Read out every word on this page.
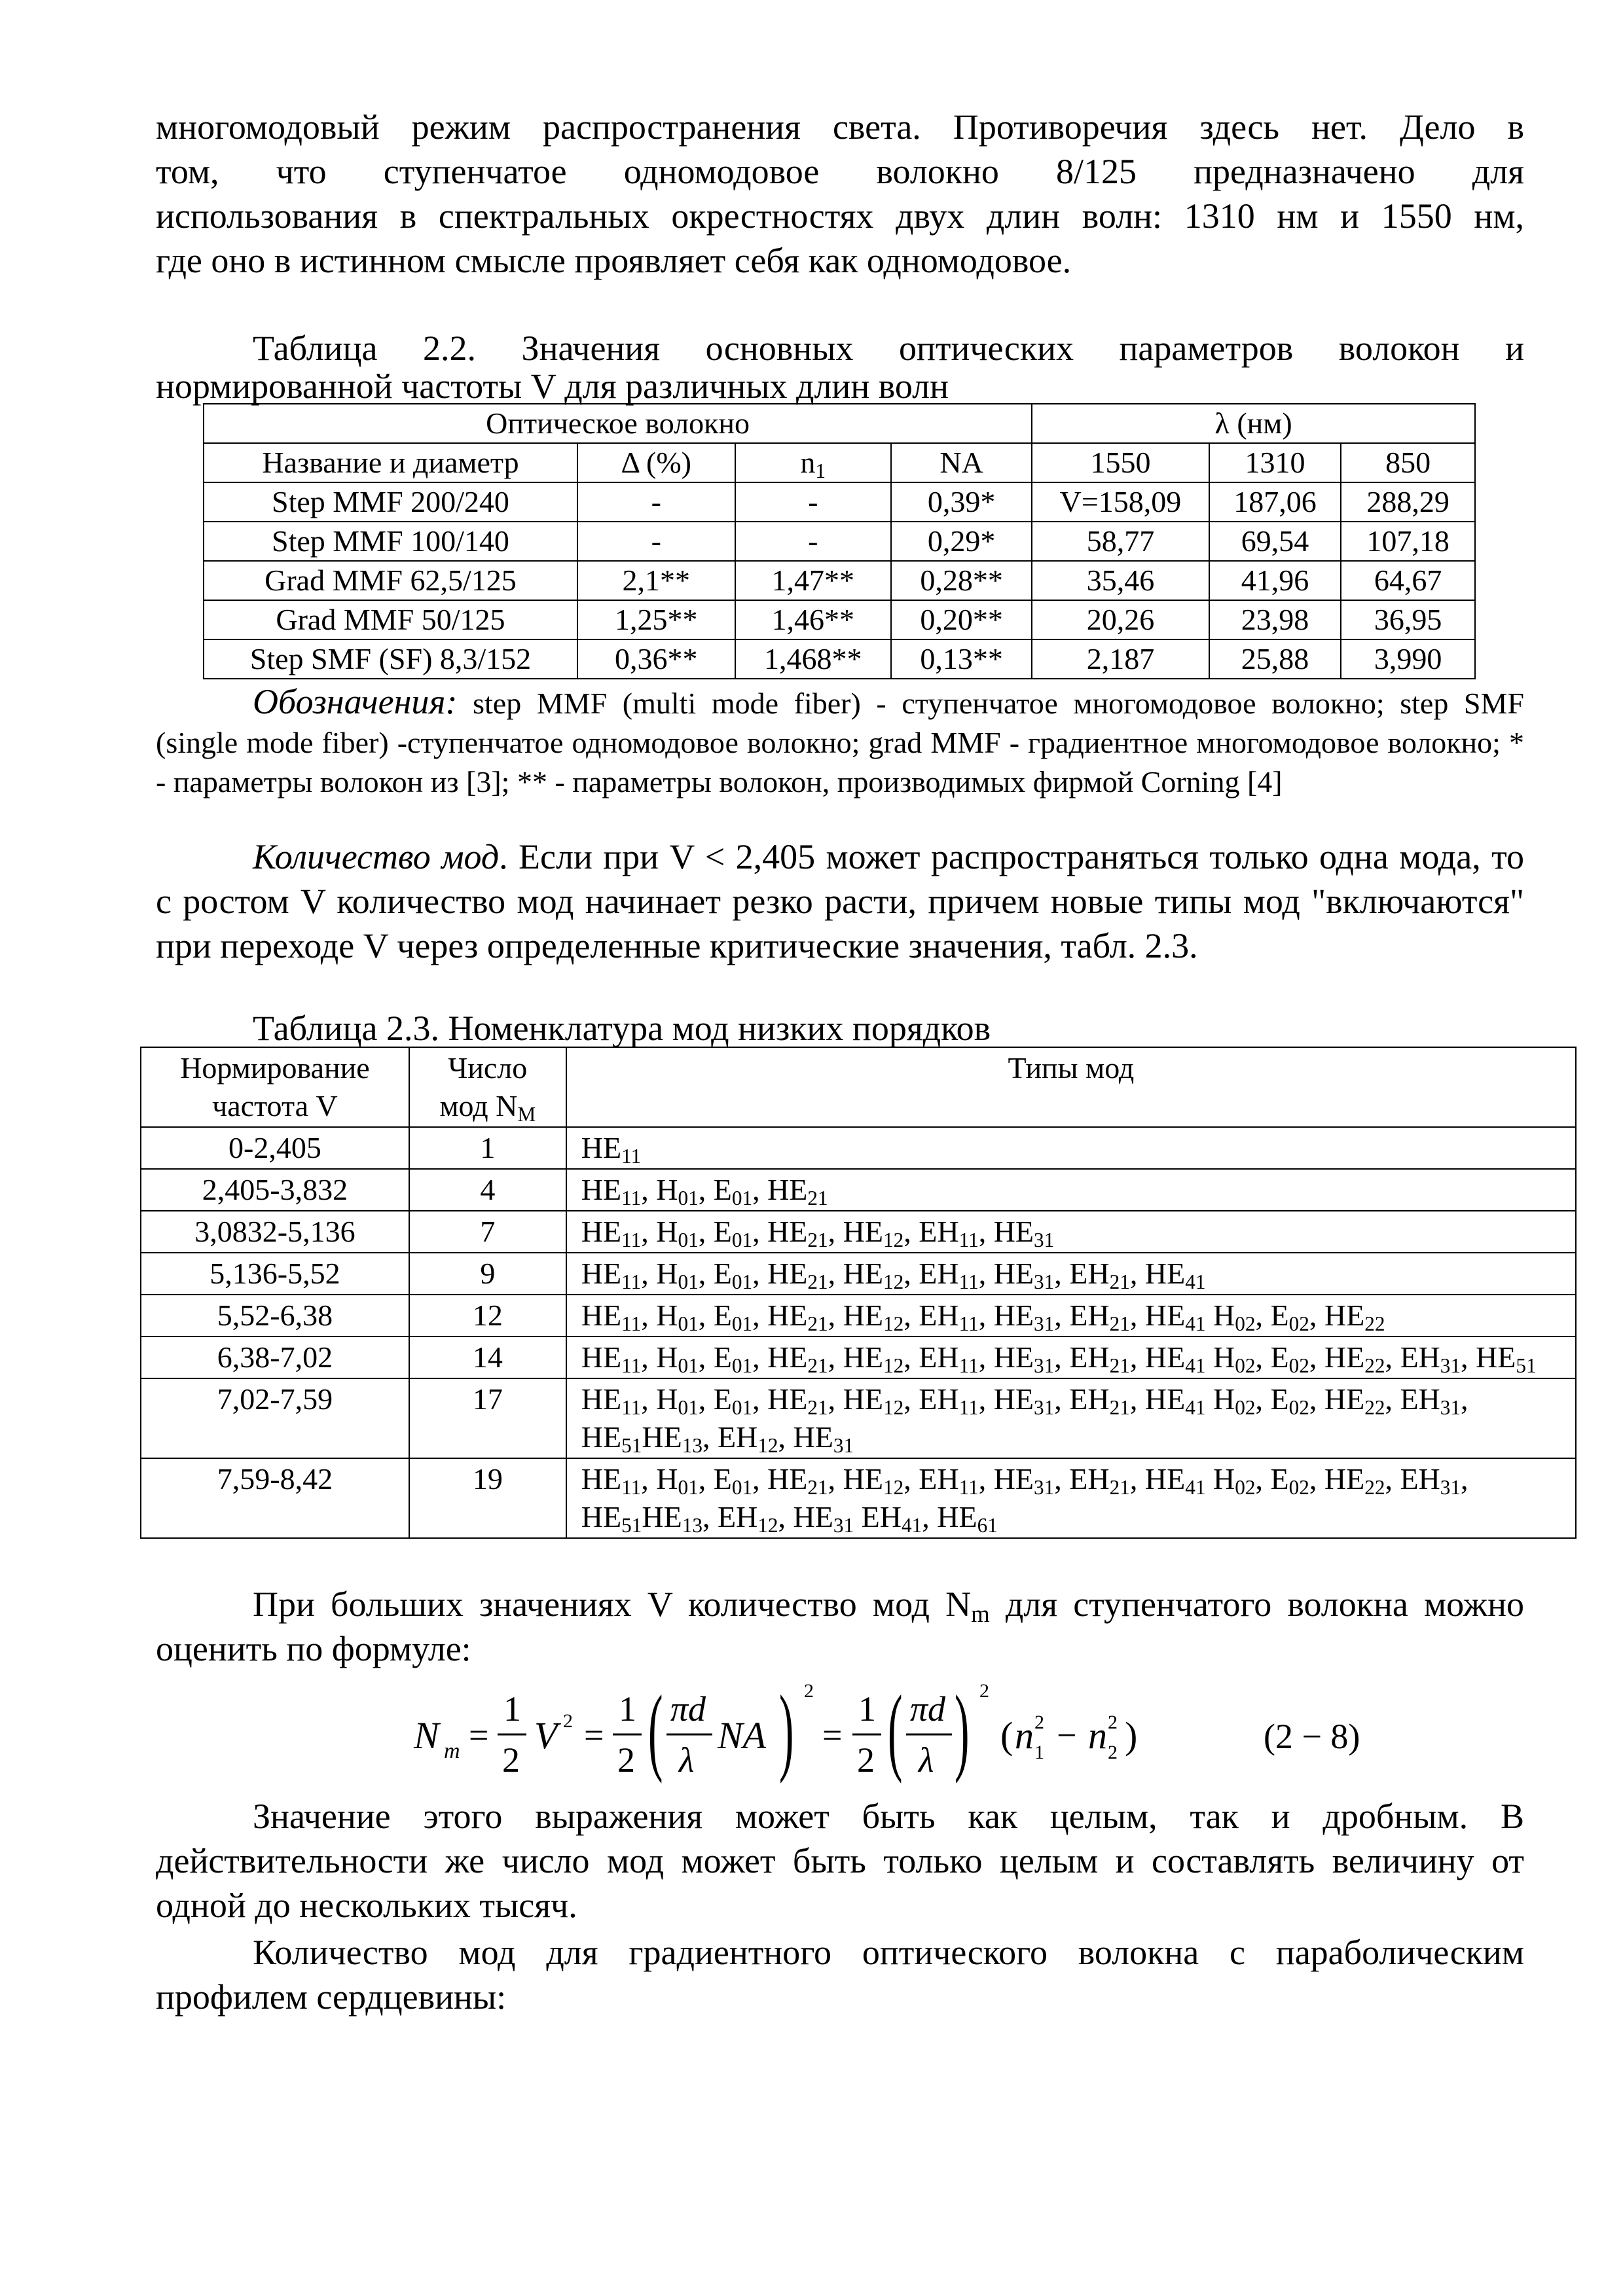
многомодовый режим распространения света. Противоречия здесь нет. Дело в

том, что ступенчатое одномодовое волокно 8/125 предназначено для

использования в спектральных окрестностях двух длин волн: 1310 нм и 1550 нм,

где оно в истинном смысле проявляет себя как одномодовое.

Таблица 2.2. Значения основных оптических параметров волокон и

нормированной частоты V для различных длин волн

Оптическое волокно				λ (нм)		
Название и диаметр	Δ (%)	$n_1$	NA	1550	1310	850
Step MMF 200/240	-	-	0,39*	V=158,09	187,06	288,29
Step MMF 100/140	-	-	0,29*	58,77	69,54	107,18
Grad MMF 62,5/125	2,1**	1,47**	0,28**	35,46	41,96	64,67
Grad MMF 50/125	1,25**	1,46**	0,20**	20,26	23,98	36,95
Step SMF (SF) 8,3/152	0,36**	1,468**	0,13**	2,187	25,88	3,990

Обозначения: step MMF (multi mode fiber) - ступенчатое многомодовое волокно; step SMF (single mode fiber) -ступенчатое одномодовое волокно; grad MMF - градиентное многомодовое волокно; * - параметры волокон из [3]; ** - параметры волокон, производимых фирмой Corning [4]

Количество мод. Если при V < 2,405 может распространяться только одна мода, то с ростом V количество мод начинает резко расти, причем новые типы мод "включаются" при переходе V через определенные критические значения, табл. 2.3.

Таблица 2.3. Номенклатура мод низких порядков

Нормирование
частота V	Число
мод $N_M$	Типы мод
0-2,405	1	$HE_{11}$
2,405-3,832	4	$HE_{11}$, $H_{01}$, $E_{01}$, $HE_{21}$
3,0832-5,136	7	$HE_{11}$, $H_{01}$, $E_{01}$, $HE_{21}$, $HE_{12}$, $EH_{11}$, $HE_{31}$
5,136-5,52	9	$HE_{11}$, $H_{01}$, $E_{01}$, $HE_{21}$, $HE_{12}$, $EH_{11}$, $HE_{31}$, $EH_{21}$, $HE_{41}$
5,52-6,38	12	$HE_{11}$, $H_{01}$, $E_{01}$, $HE_{21}$, $HE_{12}$, $EH_{11}$, $HE_{31}$, $EH_{21}$, $HE_{41}$ $H_{02}$, $E_{02}$, $HE_{22}$
6,38-7,02	14	$HE_{11}$, $H_{01}$, $E_{01}$, $HE_{21}$, $HE_{12}$, $EH_{11}$, $HE_{31}$, $EH_{21}$, $HE_{41}$ $H_{02}$, $E_{02}$, $HE_{22}$, $EH_{31}$, $HE_{51}$
7,02-7,59	17	$HE_{11}$, $H_{01}$, $E_{01}$, $HE_{21}$, $HE_{12}$, $EH_{11}$, $HE_{31}$, $EH_{21}$, $HE_{41}$ $H_{02}$, $E_{02}$, $HE_{22}$, $EH_{31}$, $HE_{51}HE_{13}$, $EH_{12}$, $HE_{31}$
7,59-8,42	19	$HE_{11}$, $H_{01}$, $E_{01}$, $HE_{21}$, $HE_{12}$, $EH_{11}$, $HE_{31}$, $EH_{21}$, $HE_{41}$ $H_{02}$, $E_{02}$, $HE_{22}$, $EH_{31}$, $HE_{51}HE_{13}$, $EH_{12}$, $HE_{31}$ $EH_{41}$, $HE_{61}$

При больших значениях V количество мод $N_m$ для ступенчатого волокна можно оценить по формуле:

N m =
1
2
V 2 =
1
2 ( πd
λ
NA ) 2
=
1
2 ( πd
λ ) 2
( n 2
1 − n 2
2 )	(2 − 8)

Значение этого выражения может быть как целым, так и дробным. В действительности же число мод может быть только целым и составлять величину от одной до нескольких тысяч.

Количество мод для градиентного оптического волокна с параболическим профилем сердцевины:
